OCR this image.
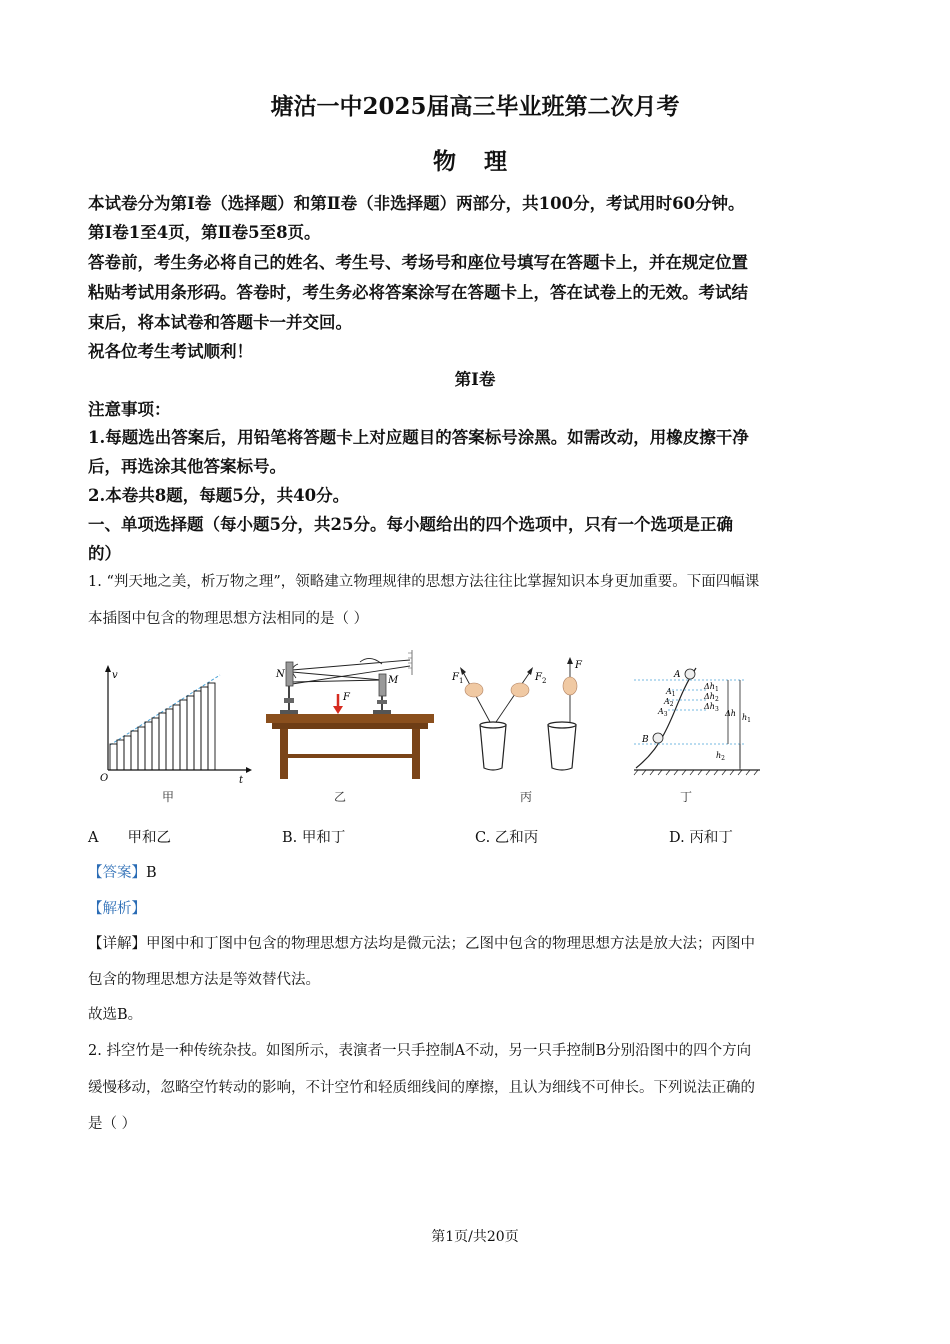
塘沽一中2025届高三毕业班第二次月考
物 理
本试卷分为第Ⅰ卷（选择题）和第Ⅱ卷（非选择题）两部分，共100分，考试用时60分钟。
第Ⅰ卷1至4页，第Ⅱ卷5至8页。
答卷前，考生务必将自己的姓名、考生号、考场号和座位号填写在答题卡上，并在规定位置
粘贴考试用条形码。答卷时，考生务必将答案涂写在答题卡上，答在试卷上的无效。考试结
束后，将本试卷和答题卡一并交回。
祝各位考生考试顺利！
第Ⅰ卷
注意事项：
1.每题选出答案后，用铅笔将答题卡上对应题目的答案标号涂黑。如需改动，用橡皮擦干净
后，再选涂其他答案标号。
2.本卷共8题，每题5分，共40分。
一、单项选择题（每小题5分，共25分。每小题给出的四个选项中，只有一个选项是正确
的）
1. “判天地之美，析万物之理”，领略建立物理规律的思想方法往往比掌握知识本身更加重要。下面四幅课
本插图中包含的物理思想方法相同的是（ ）
v
t
O
N
M
F
$F_1$	$F_2$
F
A
$A_1$
$A_2$
$A_3$
B
$\Delta h_1$
$\Delta h_2$
$\Delta h_3$ Δh $h_1$
$h_2$
甲	乙	丙	丁
A　　甲和乙	B. 甲和丁	C. 乙和丙	D. 丙和丁
【答案】B
【解析】
【详解】甲图中和丁图中包含的物理思想方法均是微元法；乙图中包含的物理思想方法是放大法；丙图中
包含的物理思想方法是等效替代法。
故选B。
2. 抖空竹是一种传统杂技。如图所示，表演者一只手控制A不动，另一只手控制B分别沿图中的四个方向
缓慢移动，忽略空竹转动的影响，不计空竹和轻质细线间的摩擦，且认为细线不可伸长。下列说法正确的
是（ ）
第1页/共20页
